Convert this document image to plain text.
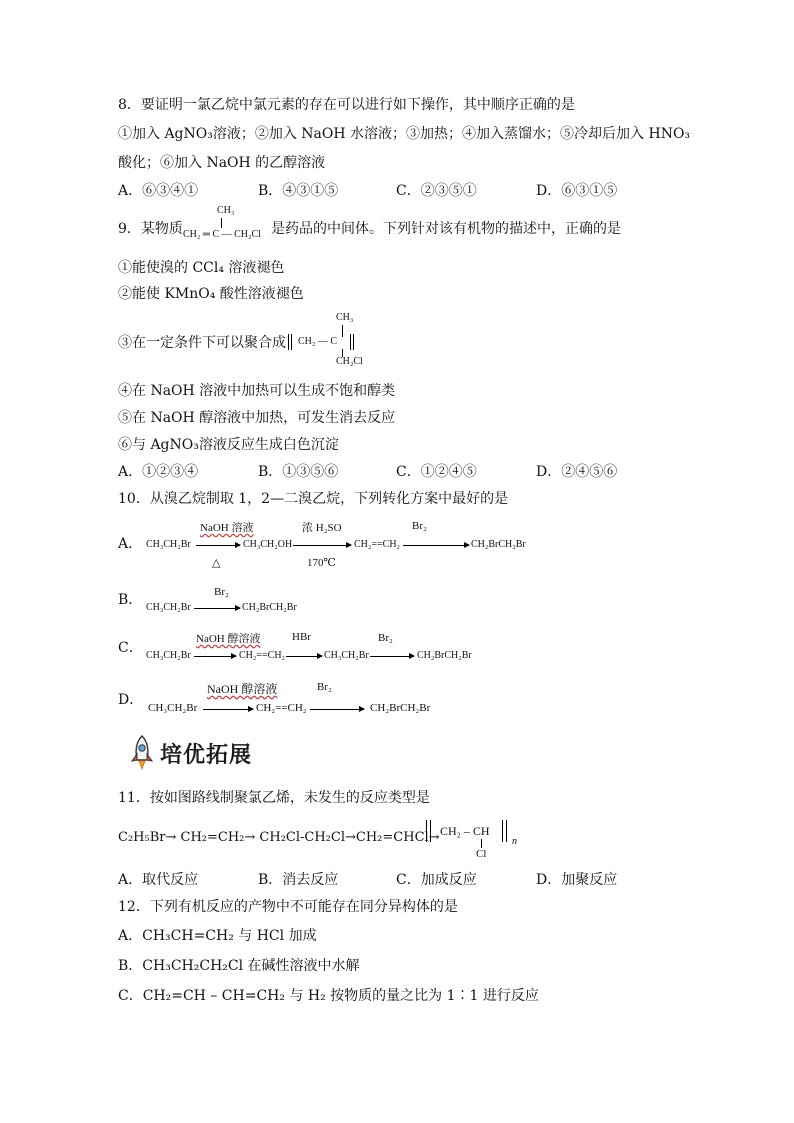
8．要证明一氯乙烷中氯元素的存在可以进行如下操作，其中顺序正确的是
①加入 AgNO₃溶液；②加入 NaOH 水溶液；③加热；④加入蒸馏水；⑤冷却后加入 HNO₃
酸化；⑥加入 NaOH 的乙醇溶液
A．⑥③④①	B．④③①⑤	C．②③⑤①	D．⑥③①⑤
9．某物质
CH₃
CH₂ ═ C — CH₂Cl 是药品的中间体。下列针对该有机物的描述中，正确的是
①能使溴的 CCl₄ 溶液褪色
②能使 KMnO₄ 酸性溶液褪色
③在一定条件下可以聚合成
CH₃
CH₂ — C
CH₂Cl
④在 NaOH 溶液中加热可以生成不饱和醇类
⑤在 NaOH 醇溶液中加热，可发生消去反应
⑥与 AgNO₃溶液反应生成白色沉淀
A．①②③④	B．①③⑤⑥	C．①②④⑤	D．②④⑤⑥
10．从溴乙烷制取 1，2—二溴乙烷，下列转化方案中最好的是
A．
NaOH 溶液
CH₃CH₂Br
△
CH₃CH₂OH
浓 H₂SO
170℃
CH₂==CH₂
Br₂
CH₂BrCH₂Br
B．	Br₂
CH₃CH₂Br	CH₂BrCH₂Br
C．
NaOH 醇溶液
CH₃CH₂Br	CH₂==CH₂
HBr
CH₃CH₂Br
Br₂
CH₂BrCH₂Br
D．
NaOH 醇溶液
CH₃CH₂Br	CH₂==CH₂
Br₂
CH₂BrCH₂Br
培优拓展
11．按如图路线制聚氯乙烯，未发生的反应类型是
C₂H₅Br→ CH₂=CH₂→ CH₂Cl-CH₂Cl→CH₂=CHCl→ CH₂ – CH
n
Cl
A．取代反应	B．消去反应	C．加成反应	D．加聚反应
12．下列有机反应的产物中不可能存在同分异构体的是
A．CH₃CH=CH₂ 与 HCl 加成
B．CH₃CH₂CH₂Cl 在碱性溶液中水解
C．CH₂=CH – CH=CH₂ 与 H₂ 按物质的量之比为 1∶1 进行反应
